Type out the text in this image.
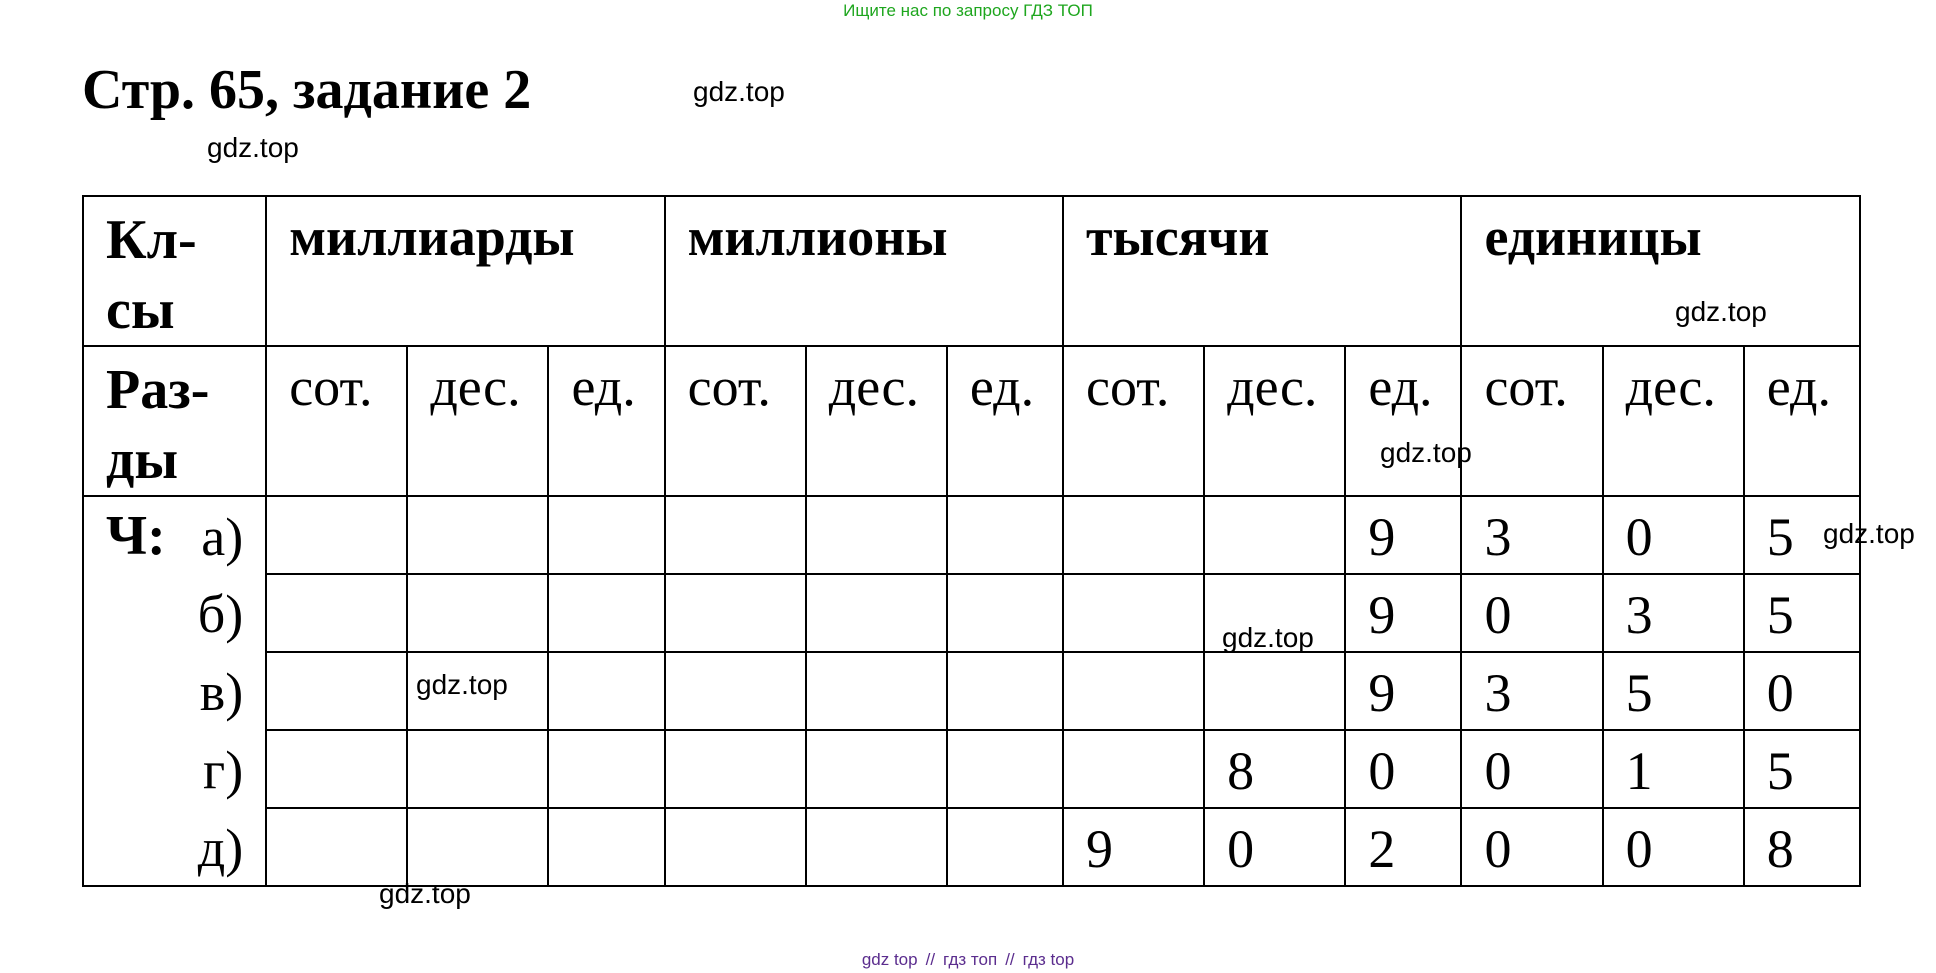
Ищите нас по запросу ГДЗ ТОП
Стр. 65, задание 2
Кл-
сы	миллиарды			миллионы			тысячи			единицы		
Раз-
ды	сот.	дес.	ед.	сот.	дес.	ед.	сот.	дес.	ед.	сот.	дес.	ед.

Ч: а)									9	3	0	5

б)									9	0	3	5

в)									9	3	5	0

г)								8	0	0	1	5

д)							9	0	2	0	0	8
gdz.top
gdz.top
gdz.top
gdz.top
gdz.top
gdz.top
gdz.top
gdz.top
gdz top // гдз топ // гдз top
